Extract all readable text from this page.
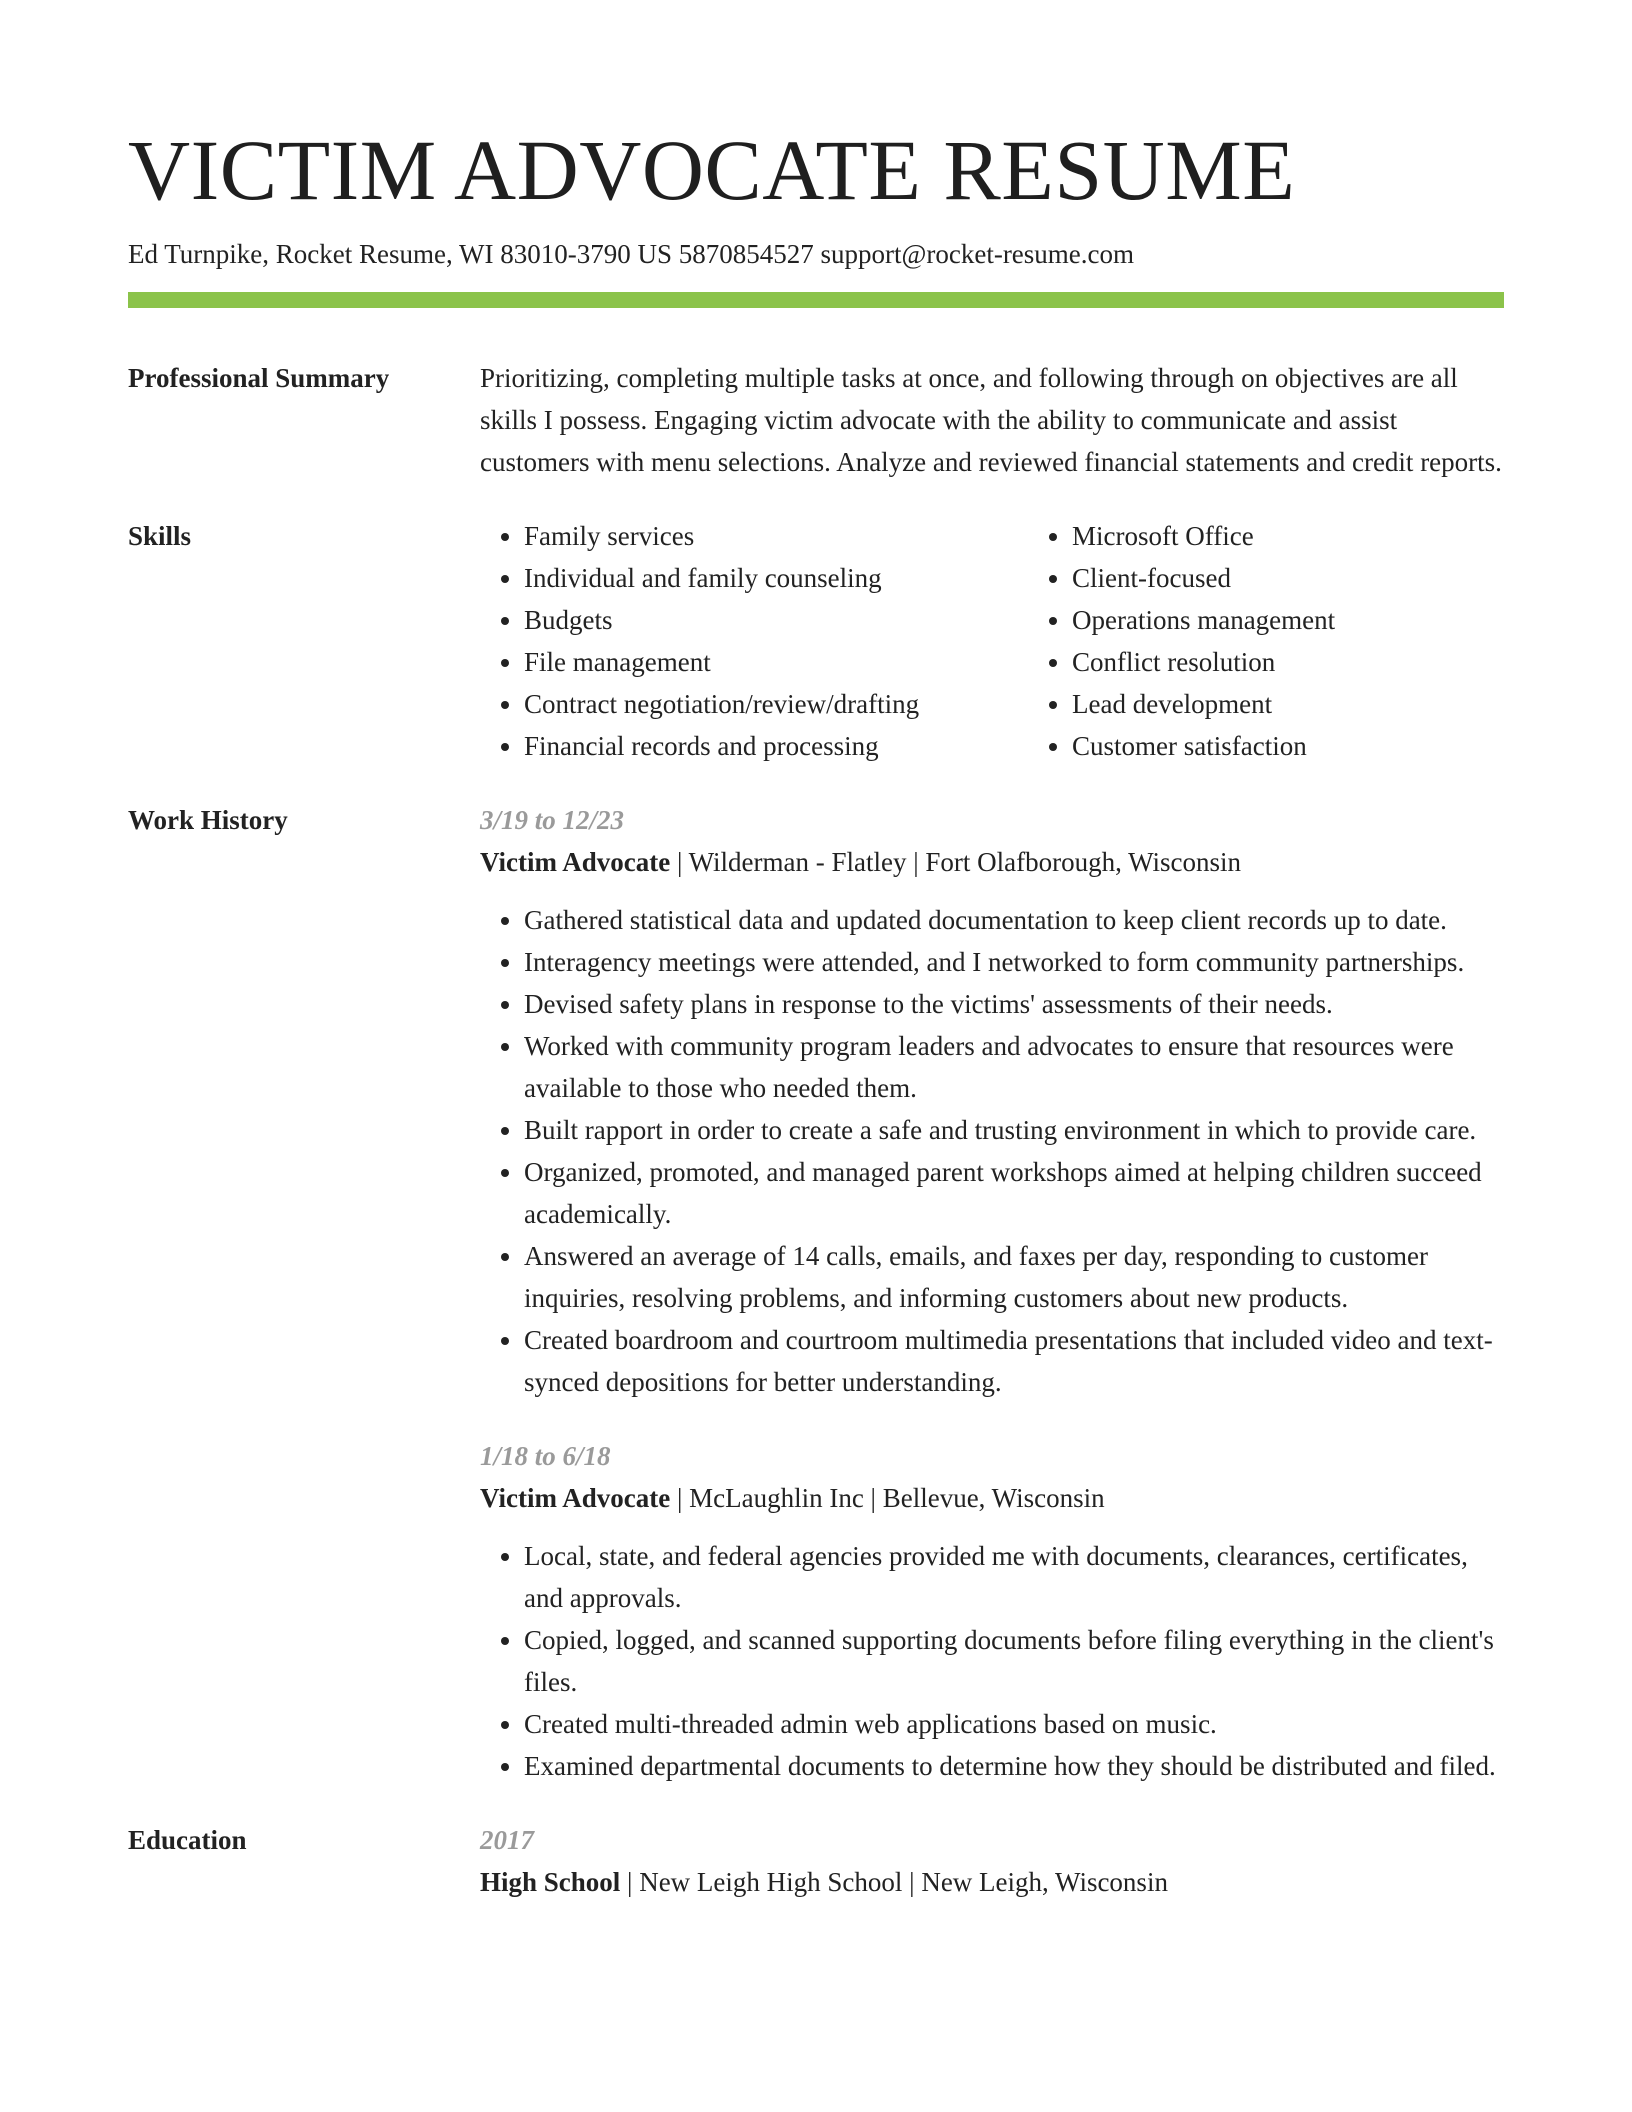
VICTIM ADVOCATE RESUME
Ed Turnpike, Rocket Resume, WI 83010-3790 US 5870854527 support@rocket-resume.com
Professional Summary	Prioritizing, completing multiple tasks at once, and following through on objectives are all skills I possess. Engaging victim advocate with the ability to communicate and assist customers with menu selections. Analyze and reviewed financial statements and credit reports.
Skills
•	Family services
• Individual and family counseling
• Budgets
• File management
• Contract negotiation/review/drafting
• Financial records and processing
• Microsoft Office
• Client-focused
• Operations management
• Conflict resolution
• Lead development
• Customer satisfaction
Work History	3/19 to 12/23
Victim Advocate | Wilderman - Flatley | Fort Olafborough, Wisconsin
• Gathered statistical data and updated documentation to keep client records up to date.
• Interagency meetings were attended, and I networked to form community partnerships.
• Devised safety plans in response to the victims' assessments of their needs.
• Worked with community program leaders and advocates to ensure that resources were available to those who needed them.
• Built rapport in order to create a safe and trusting environment in which to provide care.
• Organized, promoted, and managed parent workshops aimed at helping children succeed academically.
• Answered an average of 14 calls, emails, and faxes per day, responding to customer inquiries, resolving problems, and informing customers about new products.
• Created boardroom and courtroom multimedia presentations that included video and text-synced depositions for better understanding.
1/18 to 6/18
Victim Advocate | McLaughlin Inc | Bellevue, Wisconsin
• Local, state, and federal agencies provided me with documents, clearances, certificates, and approvals.
• Copied, logged, and scanned supporting documents before filing everything in the client's files.
• Created multi-threaded admin web applications based on music.
• Examined departmental documents to determine how they should be distributed and filed.
Education	2017
High School | New Leigh High School | New Leigh, Wisconsin
